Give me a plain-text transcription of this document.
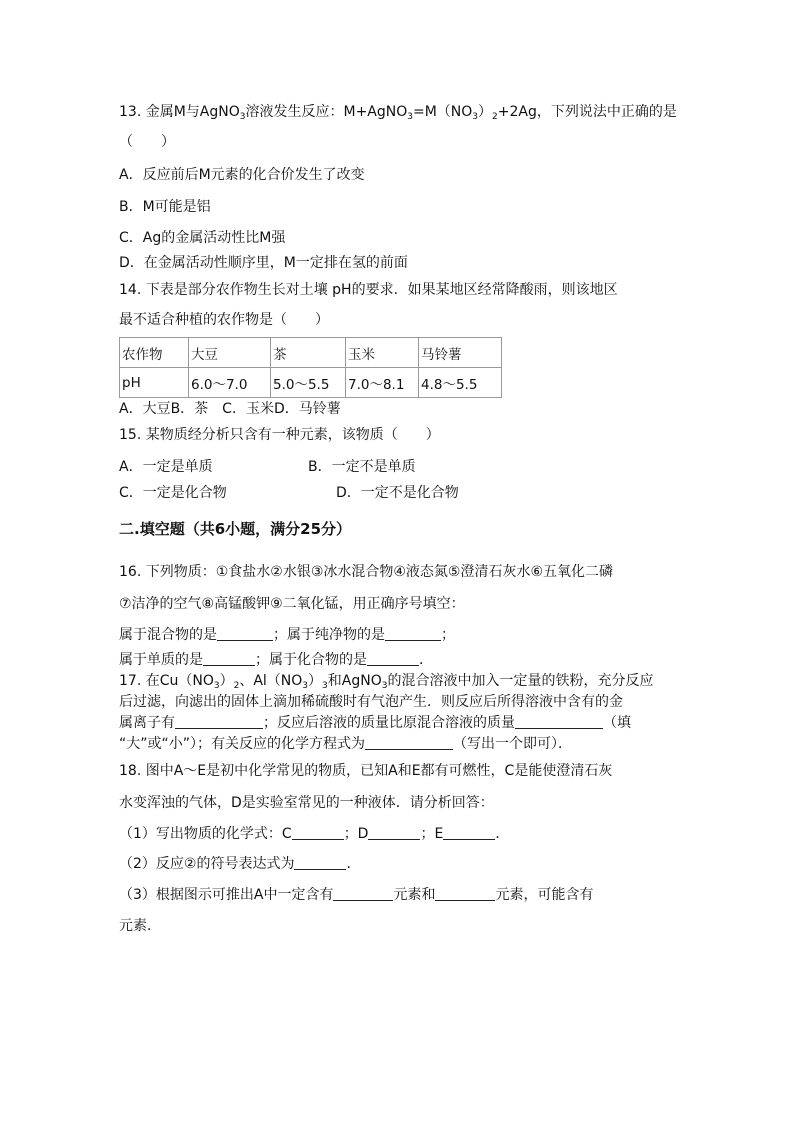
13. 金属M与AgNO$_3$溶液发生反应：$M+AgNO_3=M(NO_3)_2+2Ag$，下列说法中正确的是
（　　）
A．反应前后M元素的化合价发生了改变
B．M可能是铝
C．Ag的金属活动性比M强
D．在金属活动性顺序里，M一定排在氢的前面
14. 下表是部分农作物生长对土壤 pH的要求．如果某地区经常降酸雨，则该地区
最不适合种植的农作物是（　　）
农作物	大豆	茶	玉米	马铃薯
pH	6.0～7.0	5.0～5.5	7.0～8.1	4.8～5.5
A．大豆B．茶　C．玉米D．马铃薯
15. 某物质经分析只含有一种元素，该物质（　　）
A．一定是单质	B．一定不是单质
C．一定是化合物	D．一定不是化合物
二.填空题（共6小题，满分25分）
16. 下列物质：①食盐水②水银③冰水混合物④液态氮⑤澄清石灰水⑥五氧化二磷
⑦洁净的空气⑧高锰酸钾⑨二氧化锰，用正确序号填空：
属于混合物的是	；属于纯净物的是	；
属于单质的是	；属于化合物的是	．
17. 在$Cu(NO_3)_2$、$Al(NO_3)_3$和AgNO$_3$的混合溶液中加入一定量的铁粉，充分反应
后过滤，向滤出的固体上滴加稀硫酸时有气泡产生．则反应后所得溶液中含有的金
属离子有	；反应后溶液的质量比原混合溶液的质量	（填
“大”或“小”）；有关反应的化学方程式为	（写出一个即可）．
18. 图中A～E是初中化学常见的物质，已知A和E都有可燃性，C是能使澄清石灰
水变浑浊的气体，D是实验室常见的一种液体．请分析回答：
（1）写出物质的化学式：C	；D	；E	．
（2）反应②的符号表达式为	．
（3）根据图示可推出A中一定含有	元素和	元素，可能含有
元素．
